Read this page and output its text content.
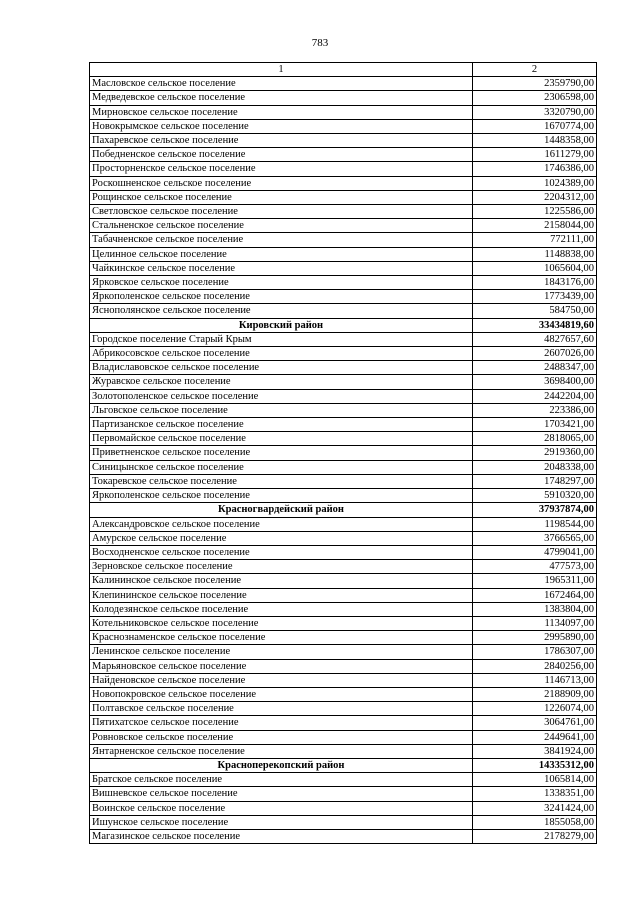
783
1	2
Масловское сельское поселение	2359790,00
Медведевское сельское поселение	2306598,00
Мирновское сельское поселение	3320790,00
Новокрымское сельское поселение	1670774,00
Пахаревское сельское поселение	1448358,00
Победненское сельское поселение	1611279,00
Просторненское сельское поселение	1746386,00
Роскошненское сельское поселение	1024389,00
Рощинское сельское поселение	2204312,00
Светловское сельское поселение	1225586,00
Стальненское сельское поселение	2158044,00
Табачненское сельское поселение	772111,00
Целинное сельское поселение	1148838,00
Чайкинское сельское поселение	1065604,00
Ярковское сельское поселение	1843176,00
Яркополенское сельское поселение	1773439,00
Яснополянское сельское поселение	584750,00
Кировский район	33434819,60
Городское поселение Старый Крым	4827657,60
Абрикосовское сельское поселение	2607026,00
Владиславовское сельское поселение	2488347,00
Журавское сельское поселение	3698400,00
Золотополенское сельское поселение	2442204,00
Льговское сельское поселение	223386,00
Партизанское сельское поселение	1703421,00
Первомайское сельское поселение	2818065,00
Приветненское сельское поселение	2919360,00
Синицынское сельское поселение	2048338,00
Токаревское сельское поселение	1748297,00
Яркополенское сельское поселение	5910320,00
Красногвардейский район	37937874,00
Александровское сельское поселение	1198544,00
Амурское сельское поселение	3766565,00
Восходненское сельское поселение	4799041,00
Зерновское сельское поселение	477573,00
Калининское сельское поселение	1965311,00
Клепининское сельское поселение	1672464,00
Колодезянское сельское поселение	1383804,00
Котельниковское сельское поселение	1134097,00
Краснознаменское сельское поселение	2995890,00
Ленинское сельское поселение	1786307,00
Марьяновское сельское поселение	2840256,00
Найденовское сельское поселение	1146713,00
Новопокровское сельское поселение	2188909,00
Полтавское сельское поселение	1226074,00
Пятихатское сельское поселение	3064761,00
Ровновское сельское поселение	2449641,00
Янтарненское сельское поселение	3841924,00
Красноперекопский район	14335312,00
Братское сельское поселение	1065814,00
Вишневское сельское поселение	1338351,00
Воинское сельское поселение	3241424,00
Ишунское сельское поселение	1855058,00
Магазинское сельское поселение	2178279,00
